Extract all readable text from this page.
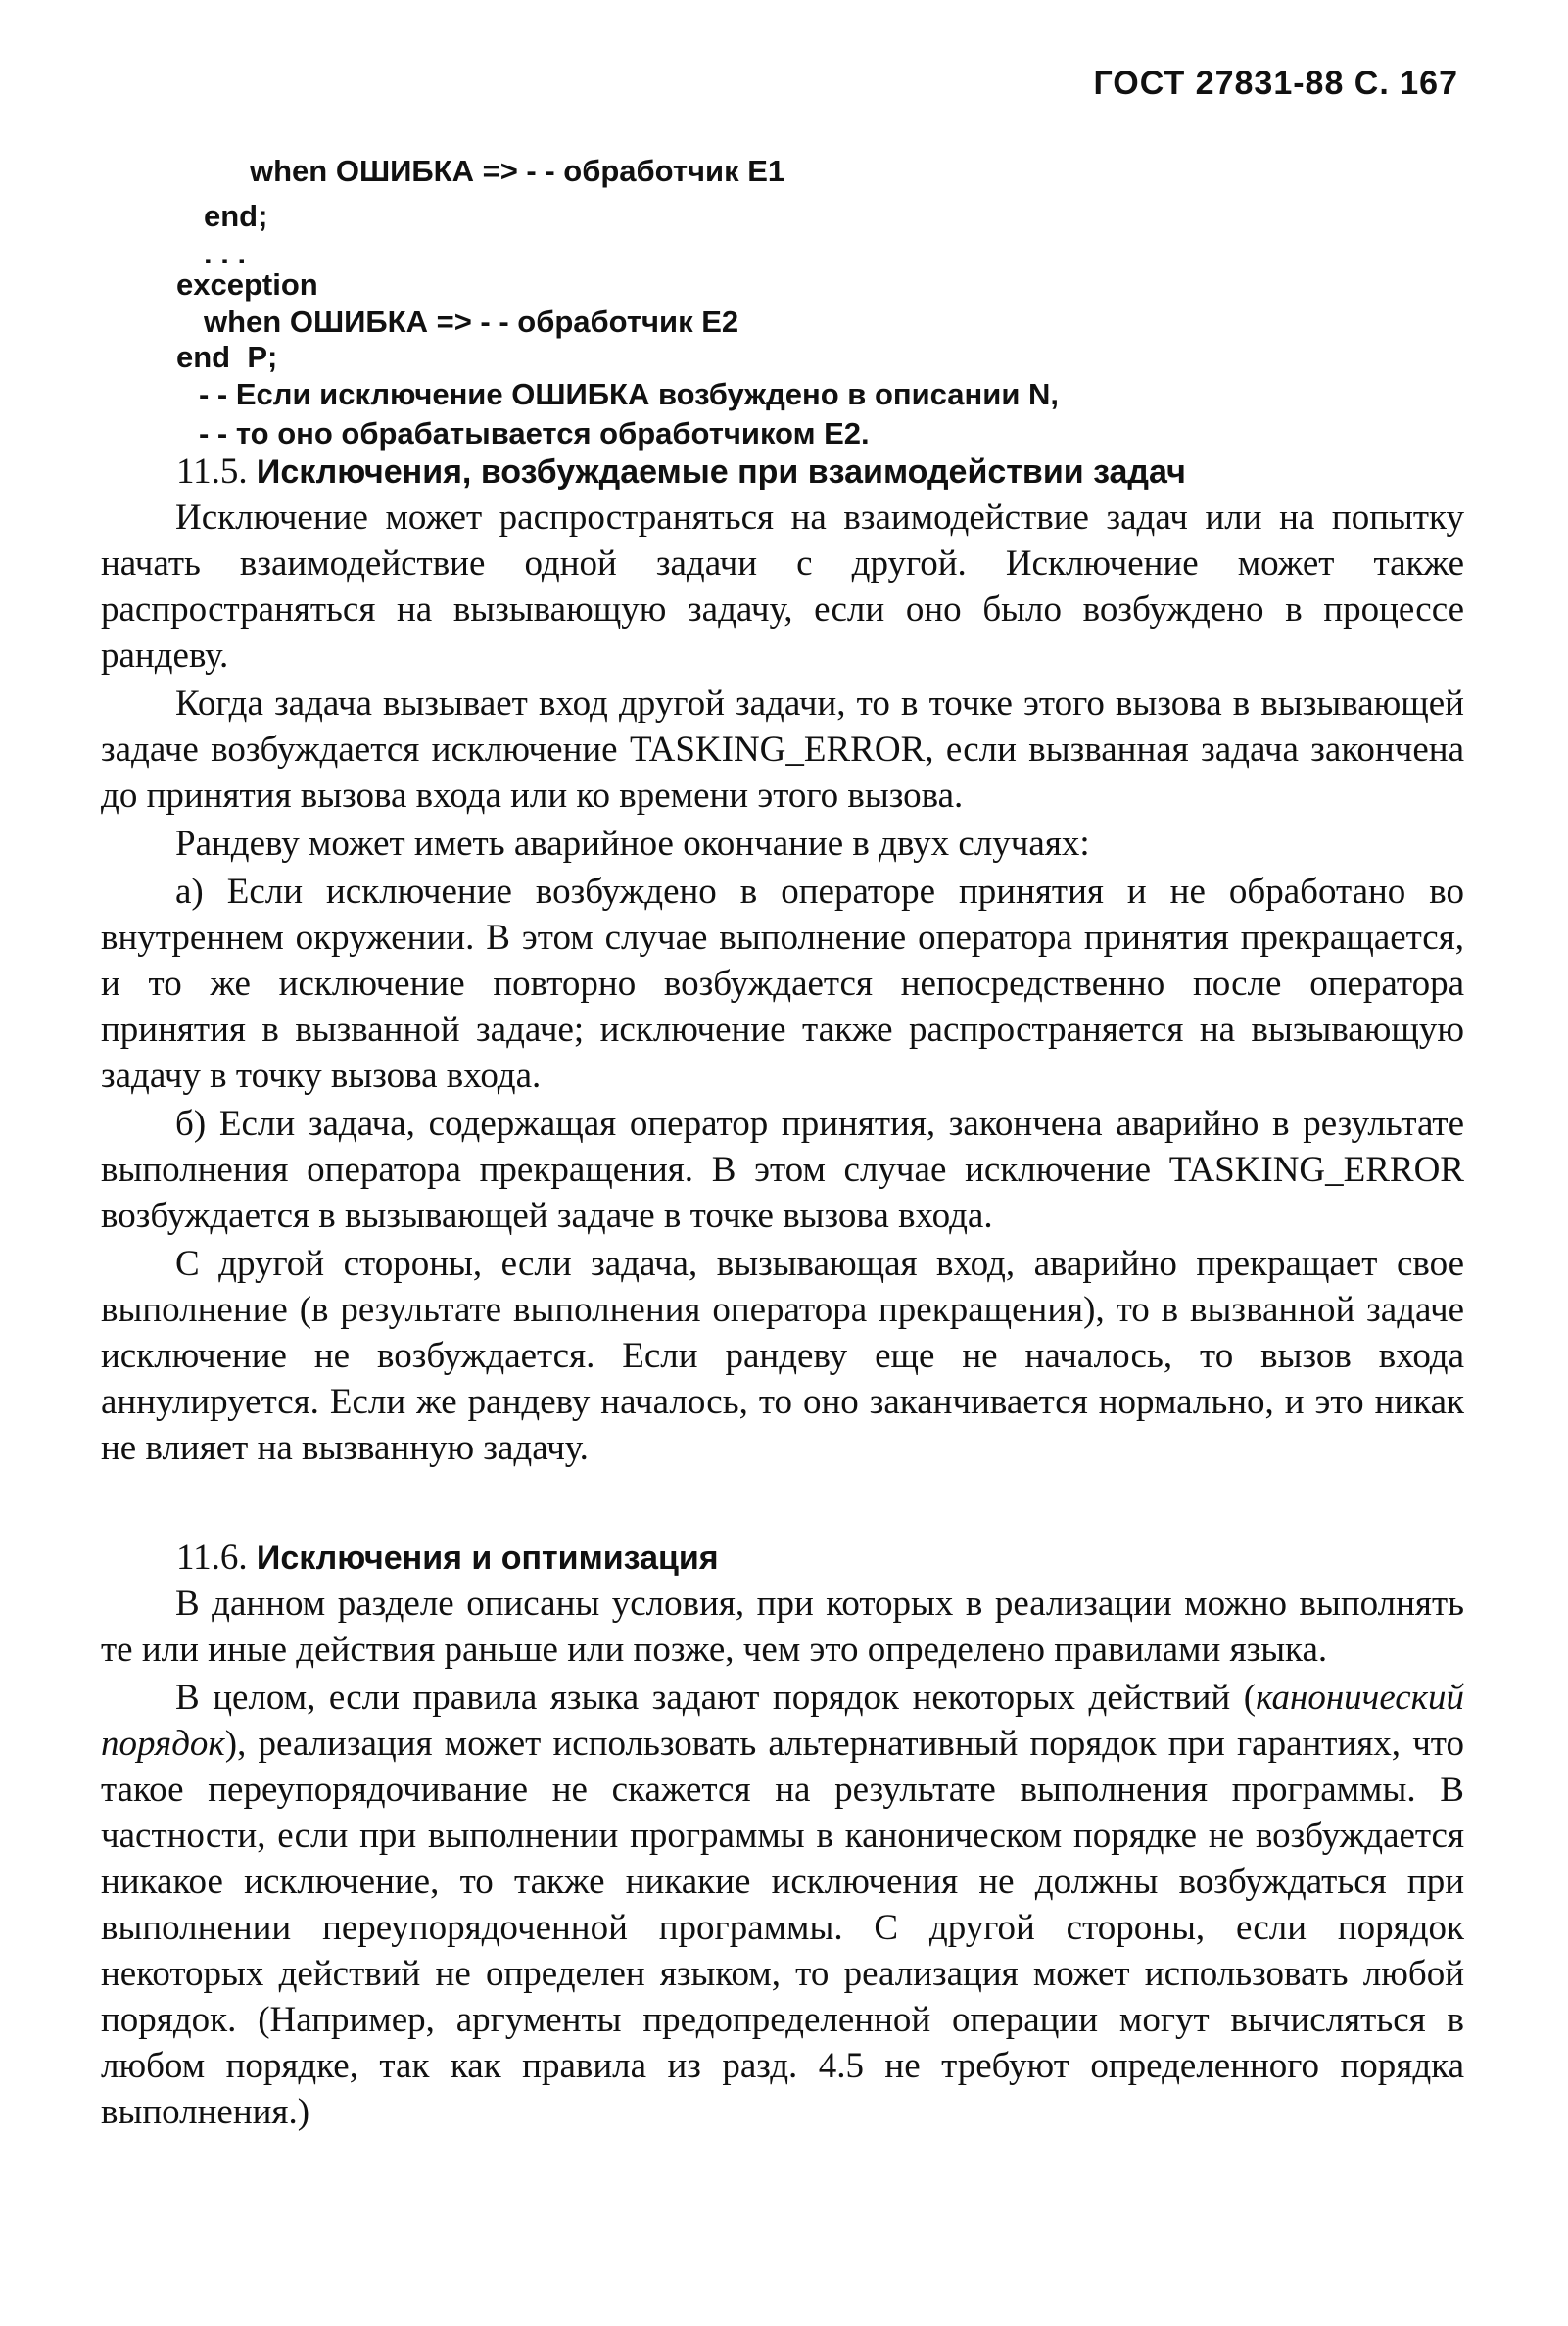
ГОСТ 27831-88 С. 167
when ОШИБКА => - - обработчик Е1
end;
. . .
exception
when ОШИБКА => - - обработчик Е2
end  P;
- - Если исключение ОШИБКА возбуждено в описании N,
- - то оно обрабатывается обработчиком Е2.
11.5. Исключения, возбуждаемые при взаимодействии задач

Исключение может распространяться на взаимодействие задач или на попытку начать взаимодействие одной задачи с другой. Исключение может также распространяться на вызывающую задачу, если оно было возбуждено в процессе рандеву.

Когда задача вызывает вход другой задачи, то в точке этого вызова в вызывающей задаче возбуждается исключение TASKING_ERROR, если вызванная задача закончена до принятия вызова входа или ко времени этого вызова.

Рандеву может иметь аварийное окончание в двух случаях:

а) Если исключение возбуждено в операторе принятия и не обработано во внутреннем окружении. В этом случае выполнение оператора принятия прекращается, и то же исключение повторно возбуждается непосредственно после оператора принятия в вызванной задаче; исключение также распространяется на вызывающую задачу в точку вызова входа.

б) Если задача, содержащая оператор принятия, закончена аварийно в результате выполнения оператора прекращения. В этом случае исключение TASKING_ERROR возбуждается в вызывающей задаче в точке вызова входа.

С другой стороны, если задача, вызывающая вход, аварийно прекращает свое выполнение (в результате выполнения оператора прекращения), то в вызванной задаче исключение не возбуждается. Если рандеву еще не началось, то вызов входа аннулируется. Если же рандеву началось, то оно заканчивается нормально, и это никак не влияет на вызванную задачу.

11.6. Исключения и оптимизация

В данном разделе описаны условия, при которых в реализации можно выполнять те или иные действия раньше или позже, чем это определено правилами языка.

В целом, если правила языка задают порядок некоторых действий (канонический порядок), реализация может использовать альтернативный порядок при гарантиях, что такое переупорядочивание не скажется на результате выполнения программы. В частности, если при выполнении программы в каноническом порядке не возбуждается никакое исключение, то также никакие исключения не должны возбуждаться при выполнении переупорядоченной программы. С другой стороны, если порядок некоторых действий не определен языком, то реализация может использовать любой порядок. (Например, аргументы предопределенной операции могут вычисляться в любом порядке, так как правила из разд. 4.5 не требуют определенного порядка выполнения.)
